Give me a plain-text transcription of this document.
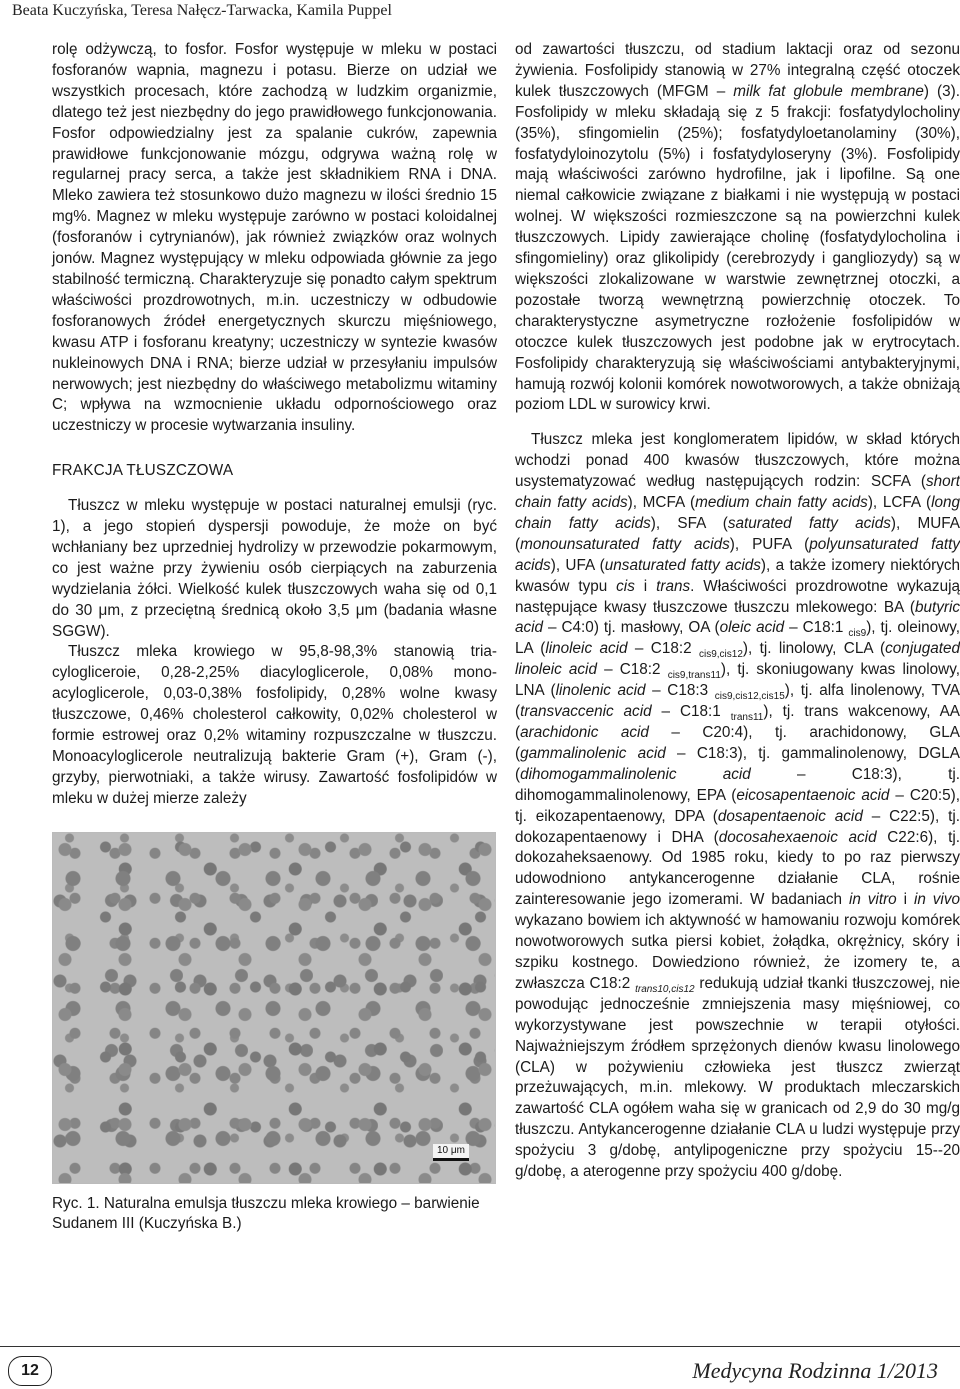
Beata Kuczyńska, Teresa Nałęcz-Tarwacka, Kamila Puppel

rolę odżywczą, to fosfor. Fosfor występuje w mleku w postaci fosforanów wapnia, magnezu i potasu. Bierze on udział we wszystkich procesach, które zachodzą w ludzkim organizmie, dlatego też jest niezbędny do jego prawidłowego funkcjonowania. Fosfor odpowiedzialny jest za spalanie cukrów, zapewnia prawidłowe funkcjonowanie mózgu, odgrywa ważną rolę w regularnej pracy serca, a także jest składnikiem RNA i DNA. Mleko zawiera też stosunkowo dużo magnezu w ilości średnio 15 mg%. Magnez w mleku występuje zarówno w postaci koloidalnej (fosforanów i cytrynianów), jak również związków oraz wolnych jonów. Magnez występujący w mleku odpowiada głównie za jego stabilność termiczną. Charakteryzuje się ponadto całym spektrum właściwości prozdrowotnych, m.in. uczestniczy w odbudowie fosforanowych źródeł energetycznych skurczu mięśniowego, kwasu ATP i fosforanu kreatyny; uczestniczy w syntezie kwasów nukleinowych DNA i RNA; bierze udział w przesyłaniu impulsów nerwowych; jest niezbędny do właściwego metabolizmu witaminy C; wpływa na wzmocnienie układu odpornościowego oraz uczestniczy w procesie wytwarzania insuliny.

FRAKCJA TŁUSZCZOWA

Tłuszcz w mleku występuje w postaci naturalnej emulsji (ryc. 1), a jego stopień dyspersji powoduje, że może on być wchłaniany bez uprzedniej hydrolizy w przewodzie pokarmowym, co jest ważne przy żywieniu osób cierpiących na zaburzenia wydzielania żółci. Wielkość kulek tłuszczowych waha się od 0,1 do 30 μm, z przeciętną średnicą około 3,5 μm (badania własne SGGW).

Tłuszcz mleka krowiego w 95,8-98,3% stanowią triacylogliceroie, 0,28-2,25% diacyloglicerole, 0,08% monoacyloglicerole, 0,03-0,38% fosfolipidy, 0,28% wolne kwasy tłuszczowe, 0,46% cholesterol całkowity, 0,02% cholesterol w formie estrowej oraz 0,2% witaminy rozpuszczalne w tłuszczu. Monoacyloglicerole neutralizują bakterie Gram (+), Gram (-), grzyby, pierwotniaki, a także wirusy. Zawartość fosfolipidów w mleku w dużej mierze zależy

10 μm
Ryc. 1. Naturalna emulsja tłuszczu mleka krowiego – barwienie Sudanem III (Kuczyńska B.)

od zawartości tłuszczu, od stadium laktacji oraz od sezonu żywienia. Fosfolipidy stanowią w 27% integralną część otoczek kulek tłuszczowych (MFGM – milk fat globule membrane) (3). Fosfolipidy w mleku składają się z 5 frakcji: fosfatydylocholiny (35%), sfingomielin (25%); fosfatydyloetanolaminy (30%), fosfatydyloinozytolu (5%) i fosfatydyloseryny (3%). Fosfolipidy mają właściwości zarówno hydrofilne, jak i lipofilne. Są one niemal całkowicie związane z białkami i nie występują w postaci wolnej. W większości rozmieszczone są na powierzchni kulek tłuszczowych. Lipidy zawierające cholinę (fosfatydylocholina i sfingomieliny) oraz glikolipidy (cerebrozydy i gangliozydy) są w większości zlokalizowane w warstwie zewnętrznej otoczki, a pozostałe tworzą wewnętrzną powierzchnię otoczek. To charakterystyczne asymetryczne rozłożenie fosfolipidów w otoczce kulek tłuszczowych jest podobne jak w erytrocytach. Fosfolipidy charakteryzują się właściwościami antybakteryjnymi, hamują rozwój kolonii komórek nowotworowych, a także obniżają poziom LDL w surowicy krwi.

Tłuszcz mleka jest konglomeratem lipidów, w skład których wchodzi ponad 400 kwasów tłuszczowych, które można usystematyzować według następujących rodzin: SCFA (short chain fatty acids), MCFA (medium chain fatty acids), LCFA (long chain fatty acids), SFA (saturated fatty acids), MUFA (monounsaturated fatty acids), PUFA (polyunsaturated fatty acids), UFA (unsaturated fatty acids), a także izomery niektórych kwasów typu cis i trans. Właściwości prozdrowotne wykazują następujące kwasy tłuszczowe tłuszczu mlekowego: BA (butyric acid – C4:0) tj. masłowy, OA (oleic acid – C18:1 $_{cis9}$), tj. oleinowy, LA (linoleic acid – C18:2 $_{cis9,cis12}$), tj. linolowy, CLA (conjugated linoleic acid – C18:2 $_{cis9,trans11}$), tj. skoniugowany kwas linolowy, LNA (linolenic acid – C18:3 $_{cis9,cis12,cis15}$), tj. alfa linolenowy, TVA (transvaccenic acid – C18:1 $_{trans11}$), tj. trans wakcenowy, AA (arachidonic acid – C20:4), tj. arachidonowy, GLA (gammalinolenic acid – C18:3), tj. gammalinolenowy, DGLA (dihomogammalinolenic acid – C18:3), tj. dihomogammalinolenowy, EPA (eicosapentaenoic acid – C20:5), tj. eikozapentaenowy, DPA (dosapentaenoic acid – C22:5), tj. dokozapentaenowy i DHA (docosahexaenoic acid C22:6), tj. dokozaheksaenowy. Od 1985 roku, kiedy to po raz pierwszy udowodniono antykancerogenne działanie CLA, rośnie zainteresowanie jego izomerami. W badaniach in vitro i in vivo wykazano bowiem ich aktywność w hamowaniu rozwoju komórek nowotworowych sutka piersi kobiet, żołądka, okrężnicy, skóry i szpiku kostnego. Dowiedziono również, że izomery te, a zwłaszcza C18:2 $_{trans10,cis12}$ redukują udział tkanki tłuszczowej, nie powodując jednocześnie zmniejszenia masy mięśniowej, co wykorzystywane jest powszechnie w terapii otyłości. Najważniejszym źródłem sprzężonych dienów kwasu linolowego (CLA) w pożywieniu człowieka jest tłuszcz zwierząt przeżuwających, m.in. mlekowy. W produktach mleczarskich zawartość CLA ogółem waha się w granicach od 2,9 do 30 mg/g tłuszczu. Antykancerogenne działanie CLA u ludzi występuje przy spożyciu 3 g/dobę, antylipogeniczne przy spożyciu 15--20 g/dobę, a aterogenne przy spożyciu 400 g/dobę.

12	Medycyna Rodzinna 1/2013
